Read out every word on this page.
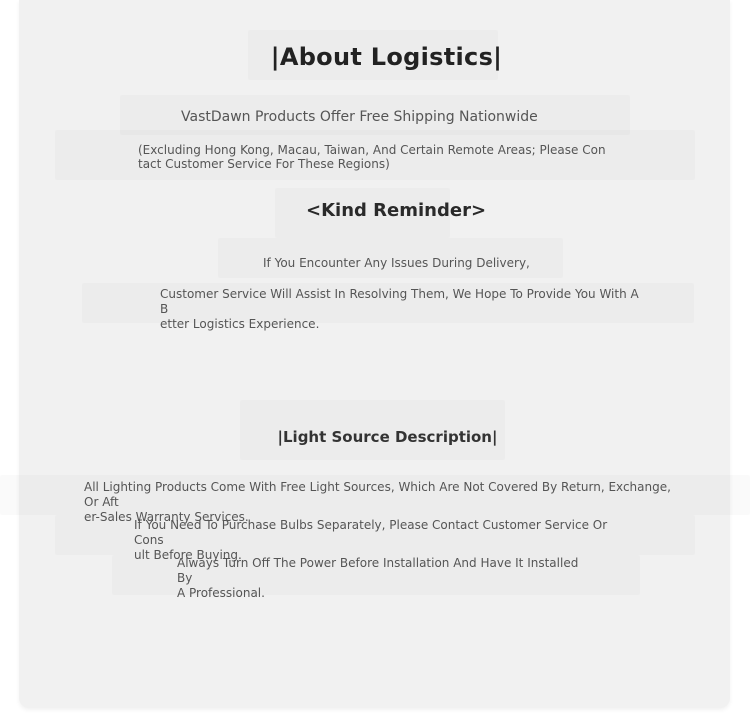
|About Logistics|

VastDawn Products Offer Free Shipping Nationwide

(Excluding Hong Kong, Macau, Taiwan, And Certain Remote Areas; Please Con
tact Customer Service For These Regions)

<Kind Reminder>

If You Encounter Any Issues During Delivery,

Customer Service Will Assist In Resolving Them, We Hope To Provide You With A B
etter Logistics Experience.

|Light Source Description|

All Lighting Products Come With Free Light Sources, Which Are Not Covered By Return, Exchange, Or Aft
er-Sales Warranty Services.

If You Need To Purchase Bulbs Separately, Please Contact Customer Service Or Cons
ult Before Buying.

Always Turn Off The Power Before Installation And Have It Installed By
A Professional.
